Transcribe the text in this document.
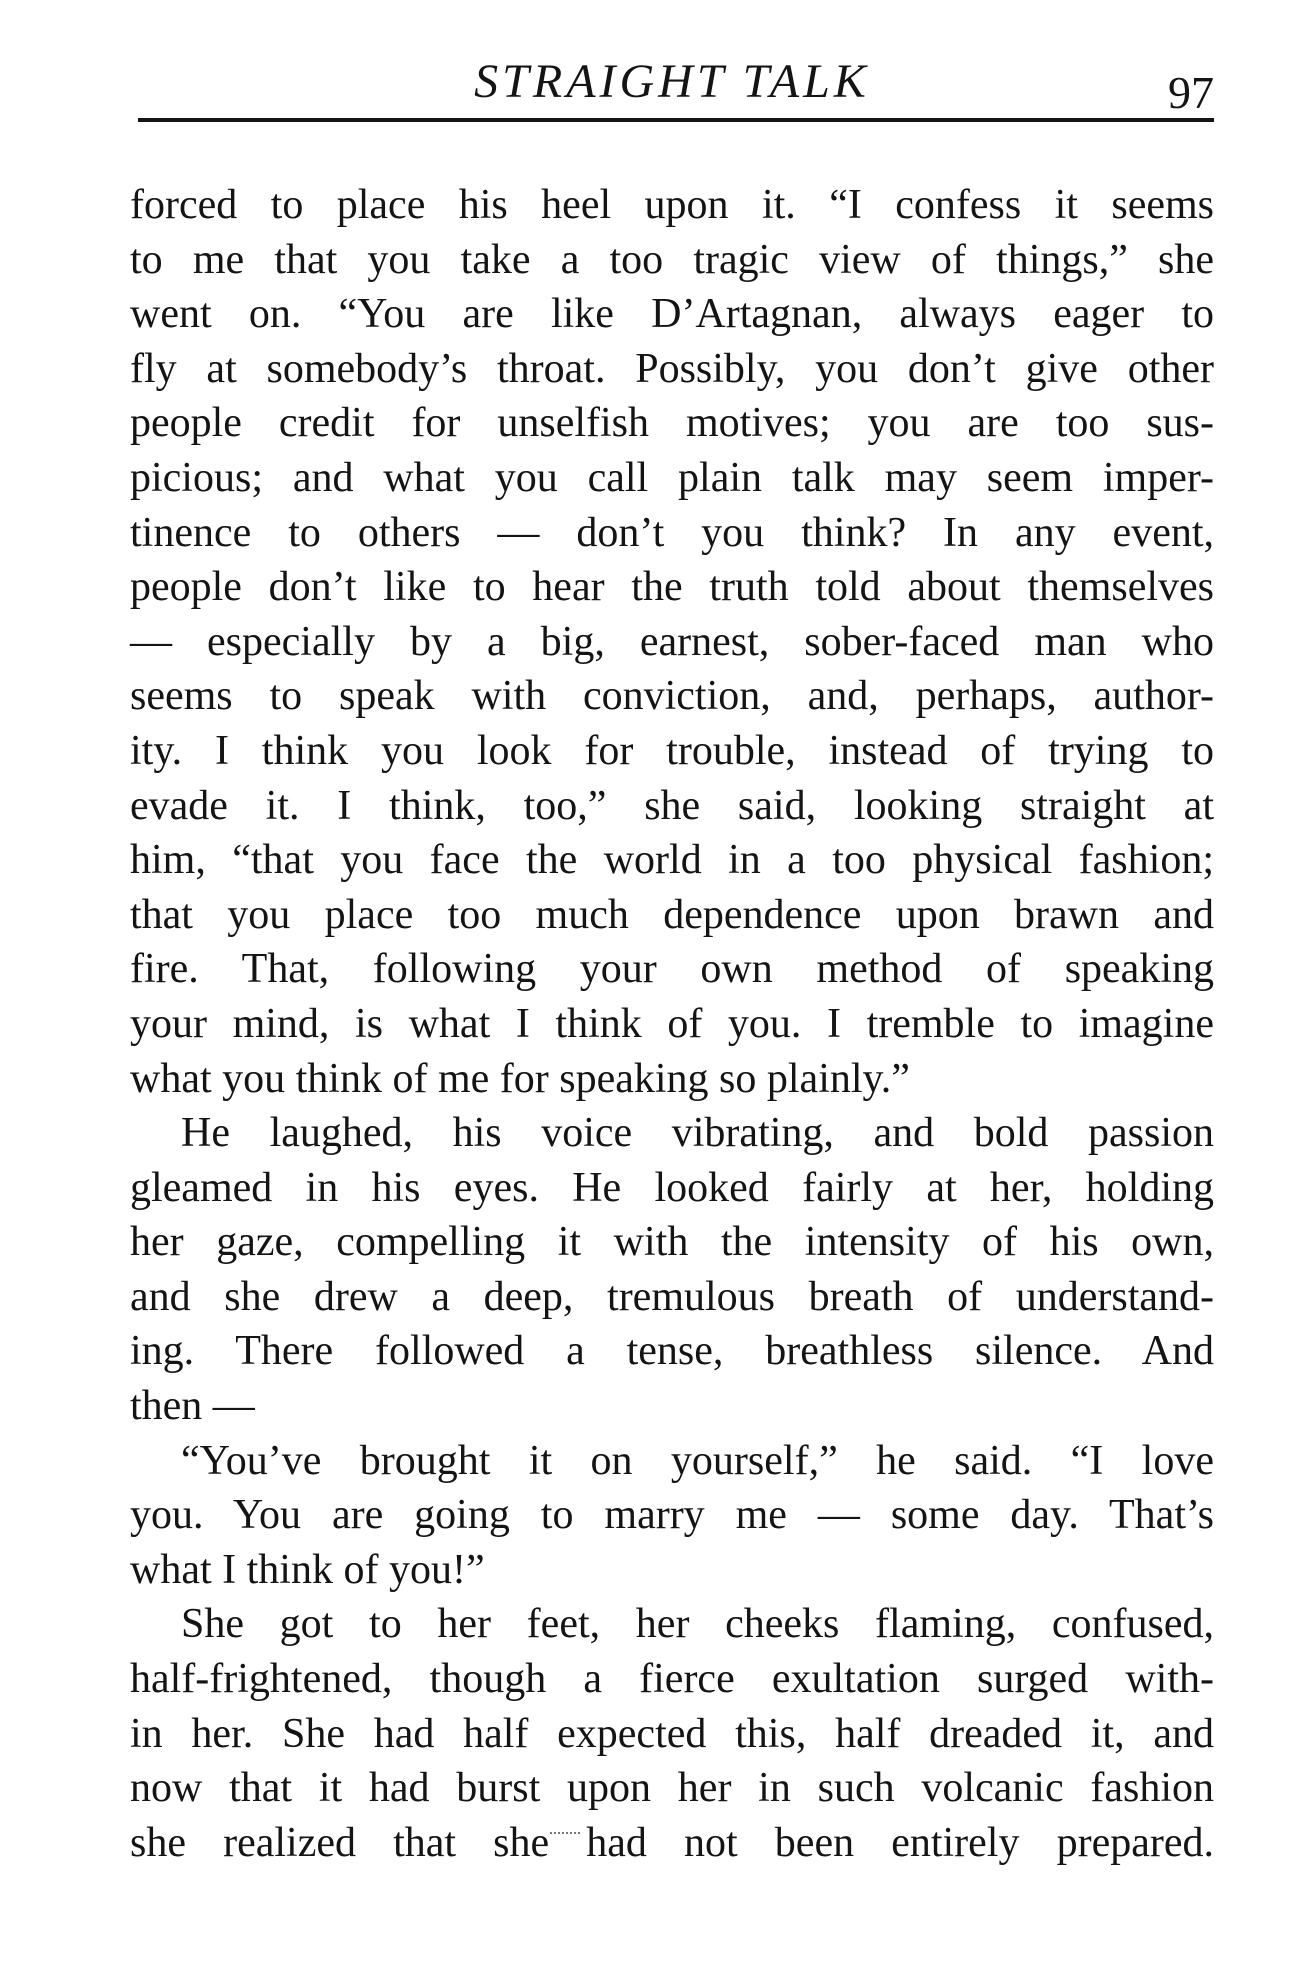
STRAIGHT TALK	97
forced to place his heel upon it. “I confess it seems
to me that you take a too tragic view of things,” she
went on. “You are like D’Artagnan, always eager to
fly at somebody’s throat. Possibly, you don’t give other
people credit for unselfish motives; you are too sus-
picious; and what you call plain talk may seem imper-
tinence to others — don’t you think? In any event,
people don’t like to hear the truth told about themselves
— especially by a big, earnest, sober-faced man who
seems to speak with conviction, and, perhaps, author-
ity. I think you look for trouble, instead of trying to
evade it. I think, too,” she said, looking straight at
him, “that you face the world in a too physical fashion;
that you place too much dependence upon brawn and
fire. That, following your own method of speaking
your mind, is what I think of you. I tremble to imagine
what you think of me for speaking so plainly.”
He laughed, his voice vibrating, and bold passion
gleamed in his eyes. He looked fairly at her, holding
her gaze, compelling it with the intensity of his own,
and she drew a deep, tremulous breath of understand-
ing. There followed a tense, breathless silence. And
then —
“You’ve brought it on yourself,” he said. “I love
you. You are going to marry me — some day. That’s
what I think of you!”
She got to her feet, her cheeks flaming, confused,
half-frightened, though a fierce exultation surged with-
in her. She had half expected this, half dreaded it, and
now that it had burst upon her in such volcanic fashion
she realized that she had not been entirely prepared.
